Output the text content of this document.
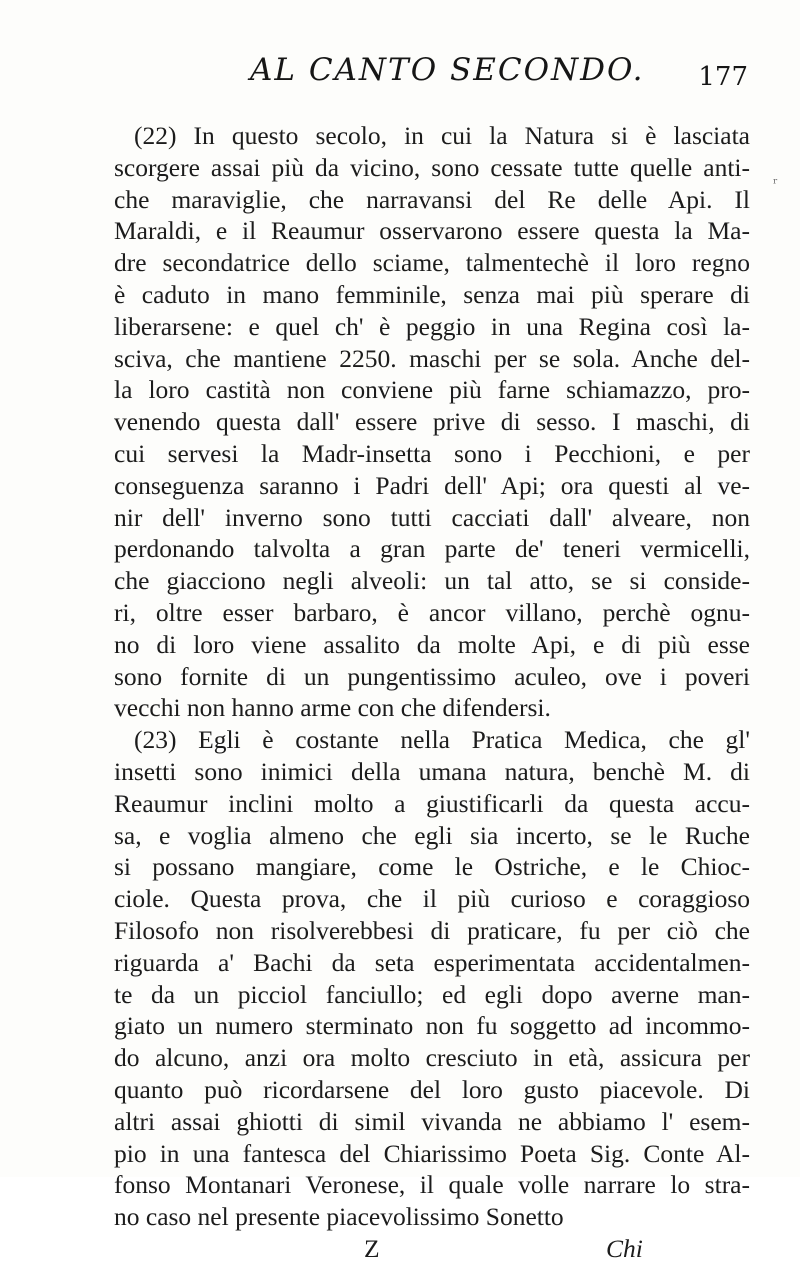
AL CANTO SECONDO. 177
ʳ
(22) In questo secolo, in cui la Natura si è lasciata
scorgere assai più da vicino, sono cessate tutte quelle anti-
che maraviglie, che narravansi del Re delle Api. Il
Maraldi, e il Reaumur osservarono essere questa la Ma-
dre secondatrice dello sciame, talmentechè il loro regno
è caduto in mano femminile, senza mai più sperare di
liberarsene: e quel ch' è peggio in una Regina così la-
sciva, che mantiene 2250. maschi per se sola. Anche del-
la loro castità non conviene più farne schiamazzo, pro-
venendo questa dall' essere prive di sesso. I maschi, di
cui servesi la Madr-insetta sono i Pecchioni, e per
conseguenza saranno i Padri dell' Api; ora questi al ve-
nir dell' inverno sono tutti cacciati dall' alveare, non
perdonando talvolta a gran parte de' teneri vermicelli,
che giacciono negli alveoli: un tal atto, se si conside-
ri, oltre esser barbaro, è ancor villano, perchè ognu-
no di loro viene assalito da molte Api, e di più esse
sono fornite di un pungentissimo aculeo, ove i poveri
vecchi non hanno arme con che difendersi.
(23) Egli è costante nella Pratica Medica, che gl'
insetti sono inimici della umana natura, benchè M. di
Reaumur inclini molto a giustificarli da questa accu-
sa, e voglia almeno che egli sia incerto, se le Ruche
si possano mangiare, come le Ostriche, e le Chioc-
ciole. Questa prova, che il più curioso e coraggioso
Filosofo non risolverebbesi di praticare, fu per ciò che
riguarda a' Bachi da seta esperimentata accidentalmen-
te da un picciol fanciullo; ed egli dopo averne man-
giato un numero sterminato non fu soggetto ad incommo-
do alcuno, anzi ora molto cresciuto in età, assicura per
quanto può ricordarsene del loro gusto piacevole. Di
altri assai ghiotti di simil vivanda ne abbiamo l' esem-
pio in una fantesca del Chiarissimo Poeta Sig. Conte Al-
fonso Montanari Veronese, il quale volle narrare lo stra-
no caso nel presente piacevolissimo Sonetto
Z	Chi
